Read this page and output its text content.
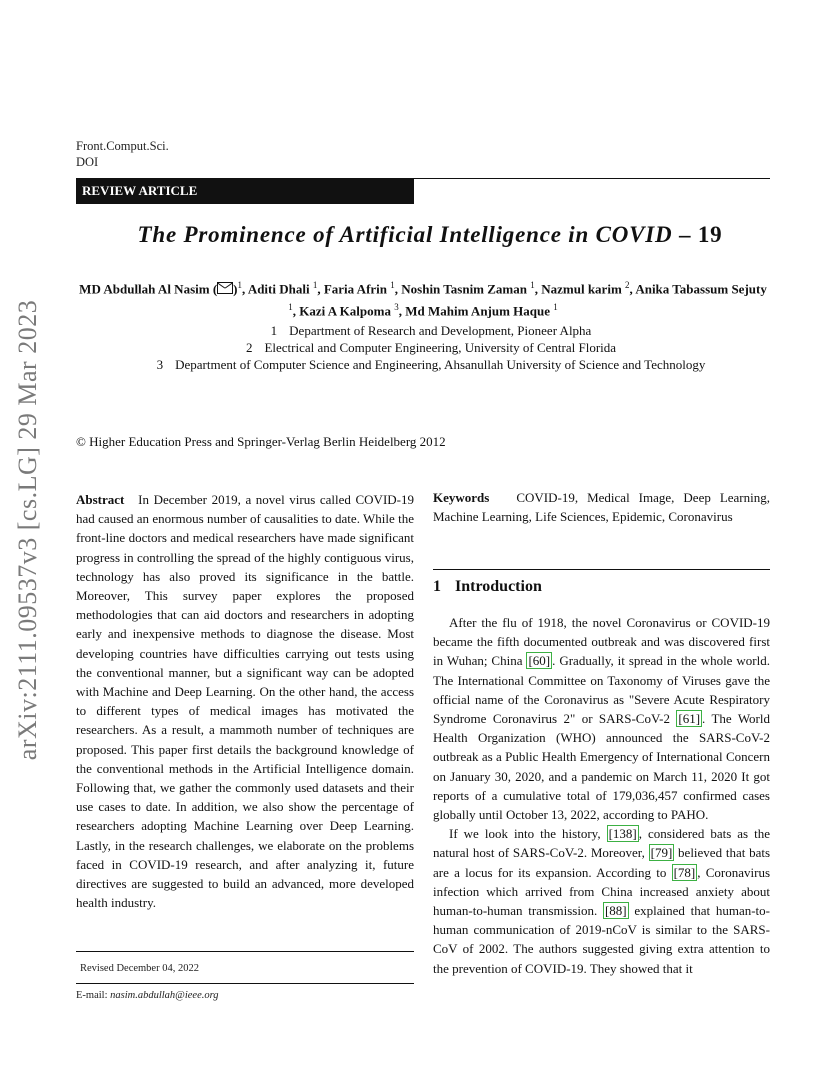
arXiv:2111.09537v3 [cs.LG] 29 Mar 2023
Front.Comput.Sci.
DOI
REVIEW ARTICLE
The Prominence of Artificial Intelligence in COVID – 19
MD Abdullah Al Nasim ( )$^1$, Aditi Dhali $^1$, Faria Afrin $^1$, Noshin Tasnim Zaman $^1$, Nazmul karim $^2$, Anika Tabassum Sejuty $^1$, Kazi A Kalpoma $^3$, Md Mahim Anjum Haque $^1$
1 Department of Research and Development, Pioneer Alpha
2 Electrical and Computer Engineering, University of Central Florida
3 Department of Computer Science and Engineering, Ahsanullah University of Science and Technology
© Higher Education Press and Springer-Verlag Berlin Heidelberg 2012
Abstract In December 2019, a novel virus called COVID-19 had caused an enormous number of causalities to date. While the front-line doctors and medical researchers have made significant progress in controlling the spread of the highly contiguous virus, technology has also proved its significance in the battle. Moreover, This survey paper explores the proposed methodologies that can aid doctors and researchers in adopting early and inexpensive methods to diagnose the disease. Most developing countries have difficulties carrying out tests using the conventional manner, but a significant way can be adopted with Machine and Deep Learning. On the other hand, the access to different types of medical images has motivated the researchers. As a result, a mammoth number of techniques are proposed. This paper first details the background knowledge of the conventional methods in the Artificial Intelligence domain. Following that, we gather the commonly used datasets and their use cases to date. In addition, we also show the percentage of researchers adopting Machine Learning over Deep Learning. Lastly, in the research challenges, we elaborate on the problems faced in COVID-19 research, and after analyzing it, future directives are suggested to build an advanced, more developed health industry.
Revised December 04, 2022
E-mail: nasim.abdullah@ieee.org
Keywords COVID-19, Medical Image, Deep Learning, Machine Learning, Life Sciences, Epidemic, Coronavirus
1 Introduction

After the flu of 1918, the novel Coronavirus or COVID-19 became the fifth documented outbreak and was discovered first in Wuhan; China [60] . Gradually, it spread in the whole world. The International Committee on Taxonomy of Viruses gave the official name of the Coronavirus as "Severe Acute Respiratory Syndrome Coronavirus 2" or SARS-CoV-2 [61] . The World Health Organization (WHO) announced the SARS-CoV-2 outbreak as a Public Health Emergency of International Concern on January 30, 2020, and a pandemic on March 11, 2020 It got reports of a cumulative total of 179,036,457 confirmed cases globally until October 13, 2022, according to PAHO.

If we look into the history, [138] , considered bats as the natural host of SARS-CoV-2. Moreover, [79] believed that bats are a locus for its expansion. According to [78] , Coronavirus infection which arrived from China increased anxiety about human-to-human transmission. [88] explained that human-to-human communication of 2019-nCoV is similar to the SARS-CoV of 2002. The authors suggested giving extra attention to the prevention of COVID-19. They showed that it
